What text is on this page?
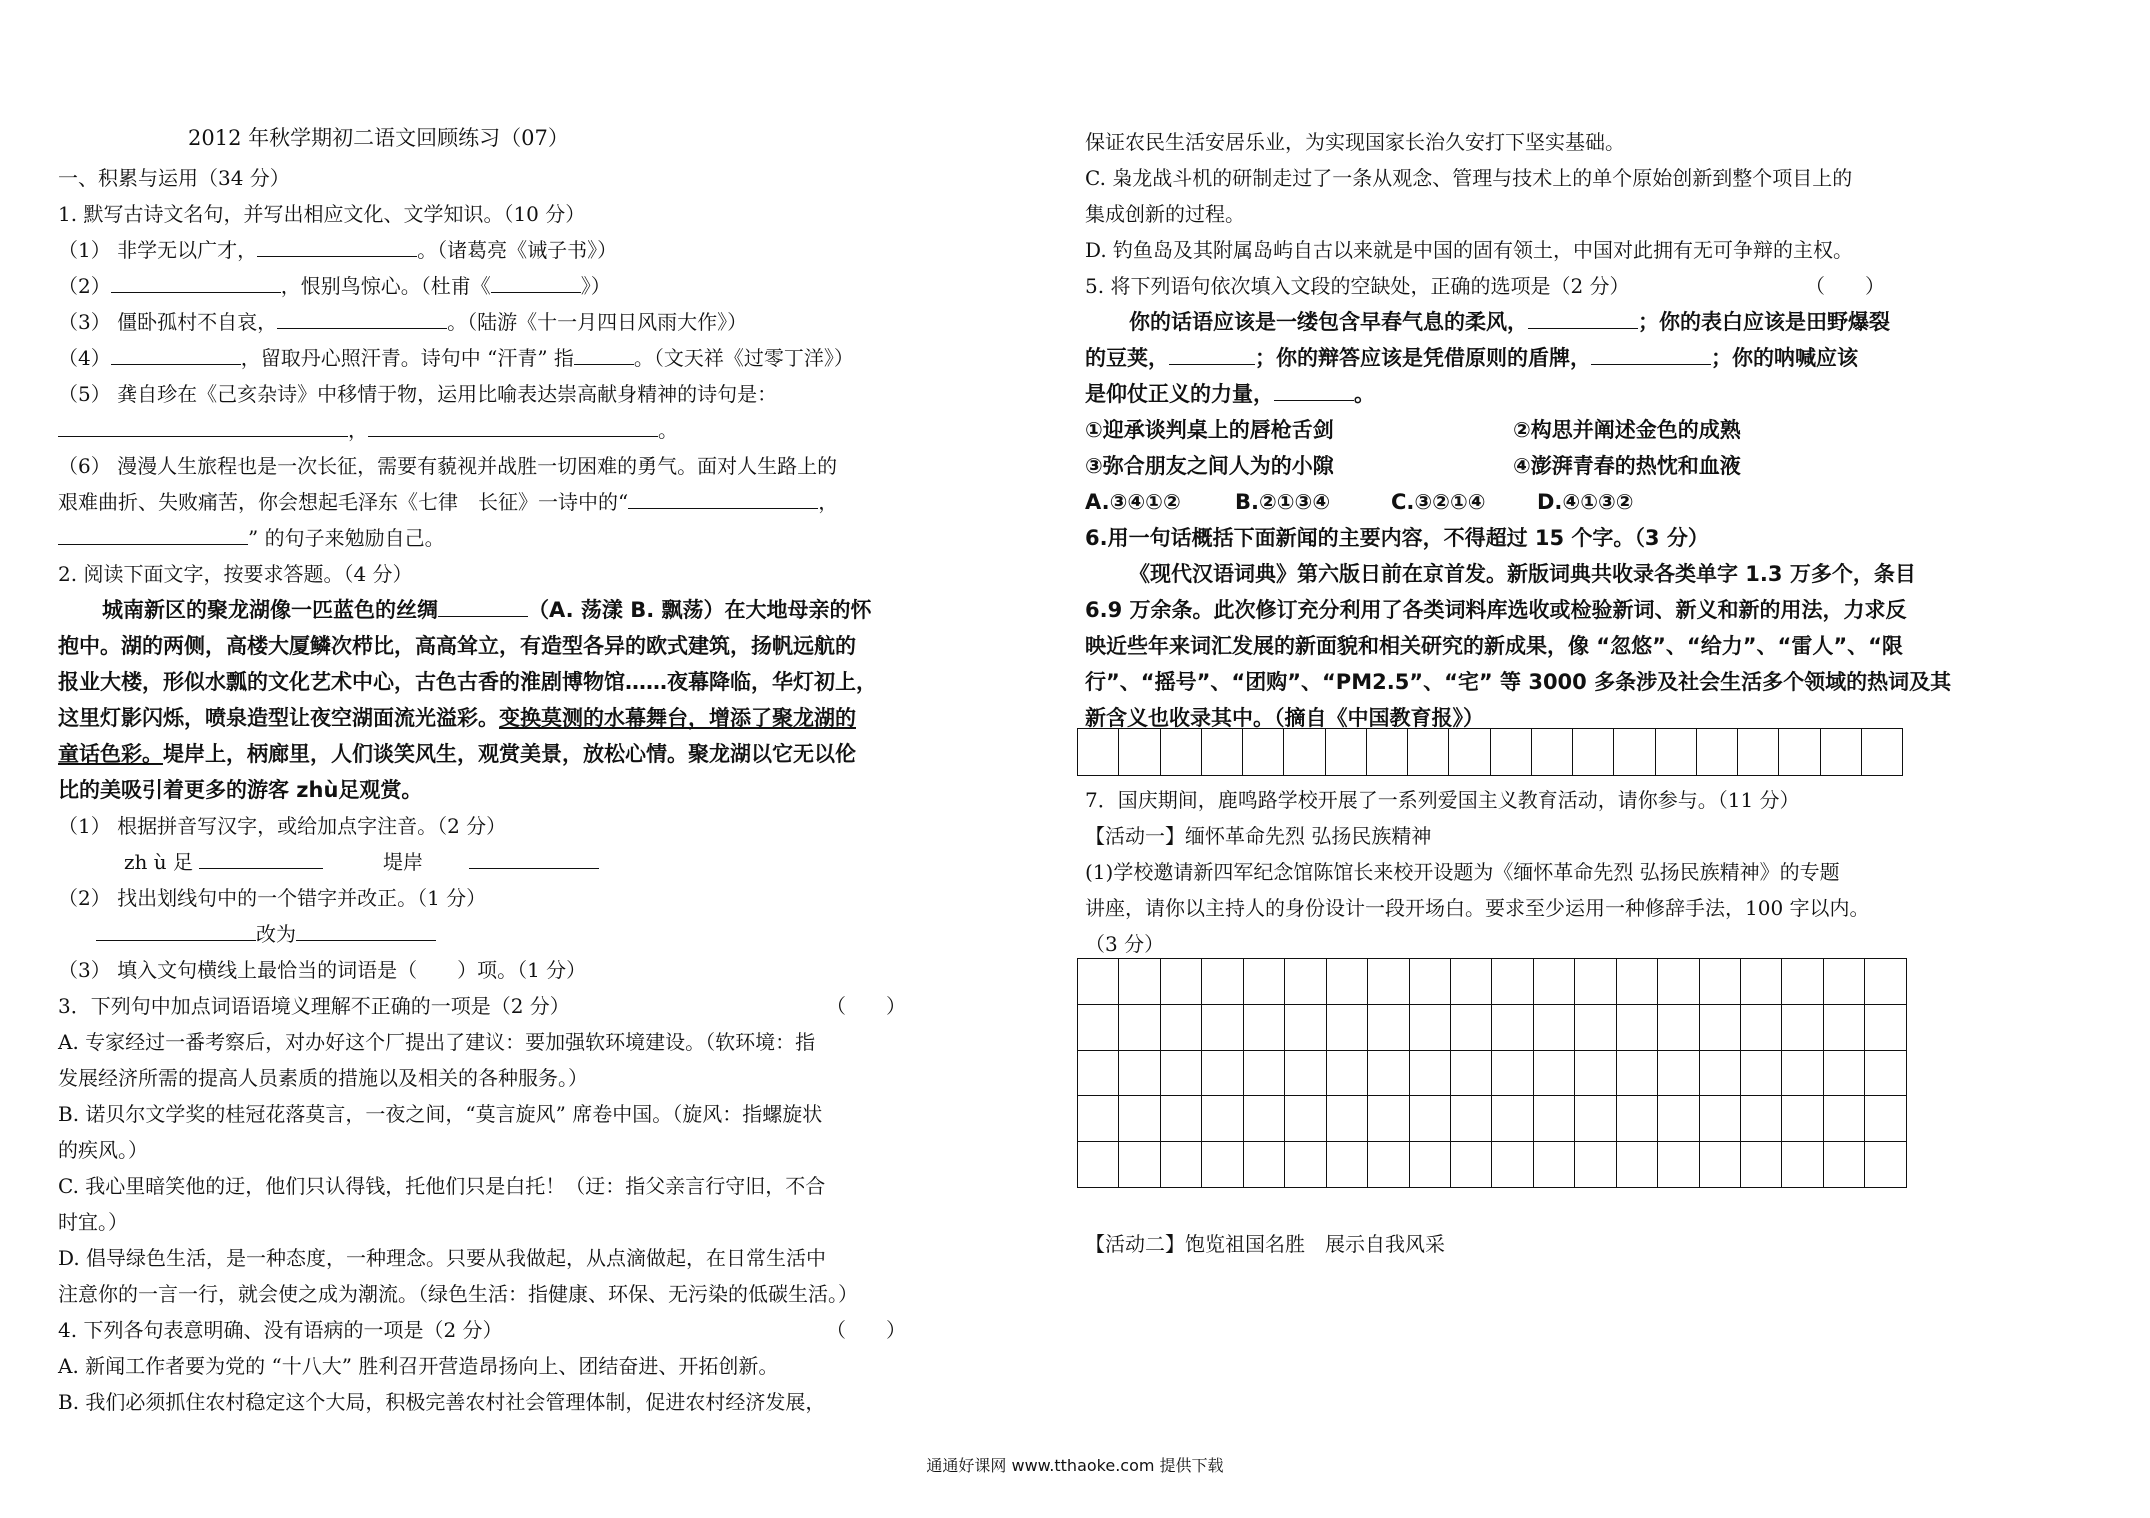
2012 年秋学期初二语文回顾练习（07）
一、积累与运用（34 分）
1. 默写古诗文名句，并写出相应文化、文学知识。（10 分）
（1） 非学无以广才，	。（诸葛亮《诫子书》）
（2）	，恨别鸟惊心。（杜甫《	》）
（3） 僵卧孤村不自哀，	。（陆游《十一月四日风雨大作》）
（4）	，留取丹心照汗青。诗句中 “汗青” 指	。（文天祥《过零丁洋》）
（5） 龚自珍在《己亥杂诗》中移情于物，运用比喻表达崇高献身精神的诗句是：
，	。
（6） 漫漫人生旅程也是一次长征，需要有藐视并战胜一切困难的勇气。面对人生路上的
艰难曲折、失败痛苦，你会想起毛泽东《七律　长征》一诗中的“	，
” 的句子来勉励自己。
2. 阅读下面文字，按要求答题。（4 分）
城南新区的聚龙湖像一匹蓝色的丝绸	（A. 荡漾 B. 飘荡）在大地母亲的怀
抱中。湖的两侧，高楼大厦鳞次栉比，高高耸立，有造型各异的欧式建筑，扬帆远航的
报业大楼，形似水瓢的文化艺术中心，古色古香的淮剧博物馆……夜幕降临，华灯初上，
这里灯影闪烁，喷泉造型让夜空湖面流光溢彩。变换莫测的水幕舞台，增添了聚龙湖的
童话色彩。堤岸上，柄廊里，人们谈笑风生，观赏美景，放松心情。聚龙湖以它无以伦
比的美吸引着更多的游客 zhù足观赏。
（1） 根据拼音写汉字，或给加点字注音。（2 分）
zh ù 足	堤岸
（2） 找出划线句中的一个错字并改正。（1 分）
改为
（3） 填入文句横线上最恰当的词语是（　　）项。（1 分）
3．下列句中加点词语语境义理解不正确的一项是（2 分）	（　　）
A. 专家经过一番考察后，对办好这个厂提出了建议：要加强软环境建设。（软环境：指
发展经济所需的提高人员素质的措施以及相关的各种服务。）
B. 诺贝尔文学奖的桂冠花落莫言，一夜之间，“莫言旋风” 席卷中国。（旋风：指螺旋状
的疾风。）
C. 我心里暗笑他的迂，他们只认得钱，托他们只是白托！（迂：指父亲言行守旧，不合
时宜。）
D. 倡导绿色生活，是一种态度，一种理念。只要从我做起，从点滴做起，在日常生活中
注意你的一言一行，就会使之成为潮流。（绿色生活：指健康、环保、无污染的低碳生活。）
4. 下列各句表意明确、没有语病的一项是（2 分）	（　　）
A. 新闻工作者要为党的 “十八大” 胜利召开营造昂扬向上、团结奋进、开拓创新。
B. 我们必须抓住农村稳定这个大局，积极完善农村社会管理体制，促进农村经济发展，
保证农民生活安居乐业，为实现国家长治久安打下坚实基础。
C. 枭龙战斗机的研制走过了一条从观念、管理与技术上的单个原始创新到整个项目上的
集成创新的过程。
D. 钓鱼岛及其附属岛屿自古以来就是中国的固有领土，中国对此拥有无可争辩的主权。
5. 将下列语句依次填入文段的空缺处，正确的选项是（2 分）	（　　）
你的话语应该是一缕包含早春气息的柔风，	；你的表白应该是田野爆裂
的豆荚，	；你的辩答应该是凭借原则的盾牌，	；你的呐喊应该
是仰仗正义的力量，	。
①迎承谈判桌上的唇枪舌剑	②构思并阐述金色的成熟
③弥合朋友之间人为的小隙	④澎湃青春的热忱和血液
A.③④①②	B.②①③④	C.③②①④ D.④①③②
6.用一句话概括下面新闻的主要内容，不得超过 15 个字。（3 分）
《现代汉语词典》第六版日前在京首发。新版词典共收录各类单字 1.3 万多个，条目
6.9 万余条。此次修订充分利用了各类词料库选收或检验新词、新义和新的用法，力求反
映近些年来词汇发展的新面貌和相关研究的新成果，像 “忽悠”、“给力”、“雷人”、“限
行”、“摇号”、“团购”、“PM2.5”、“宅” 等 3000 多条涉及社会生活多个领域的热词及其
新含义也收录其中。（摘自《中国教育报》）

7．国庆期间，鹿鸣路学校开展了一系列爱国主义教育活动，请你参与。（11 分）
【活动一】缅怀革命先烈 弘扬民族精神
(1)学校邀请新四军纪念馆陈馆长来校开设题为《缅怀革命先烈 弘扬民族精神》的专题
讲座，请你以主持人的身份设计一段开场白。要求至少运用一种修辞手法，100 字以内。
（3 分）

【活动二】饱览祖国名胜　展示自我风采
通通好课网 www.tthaoke.com 提供下载
